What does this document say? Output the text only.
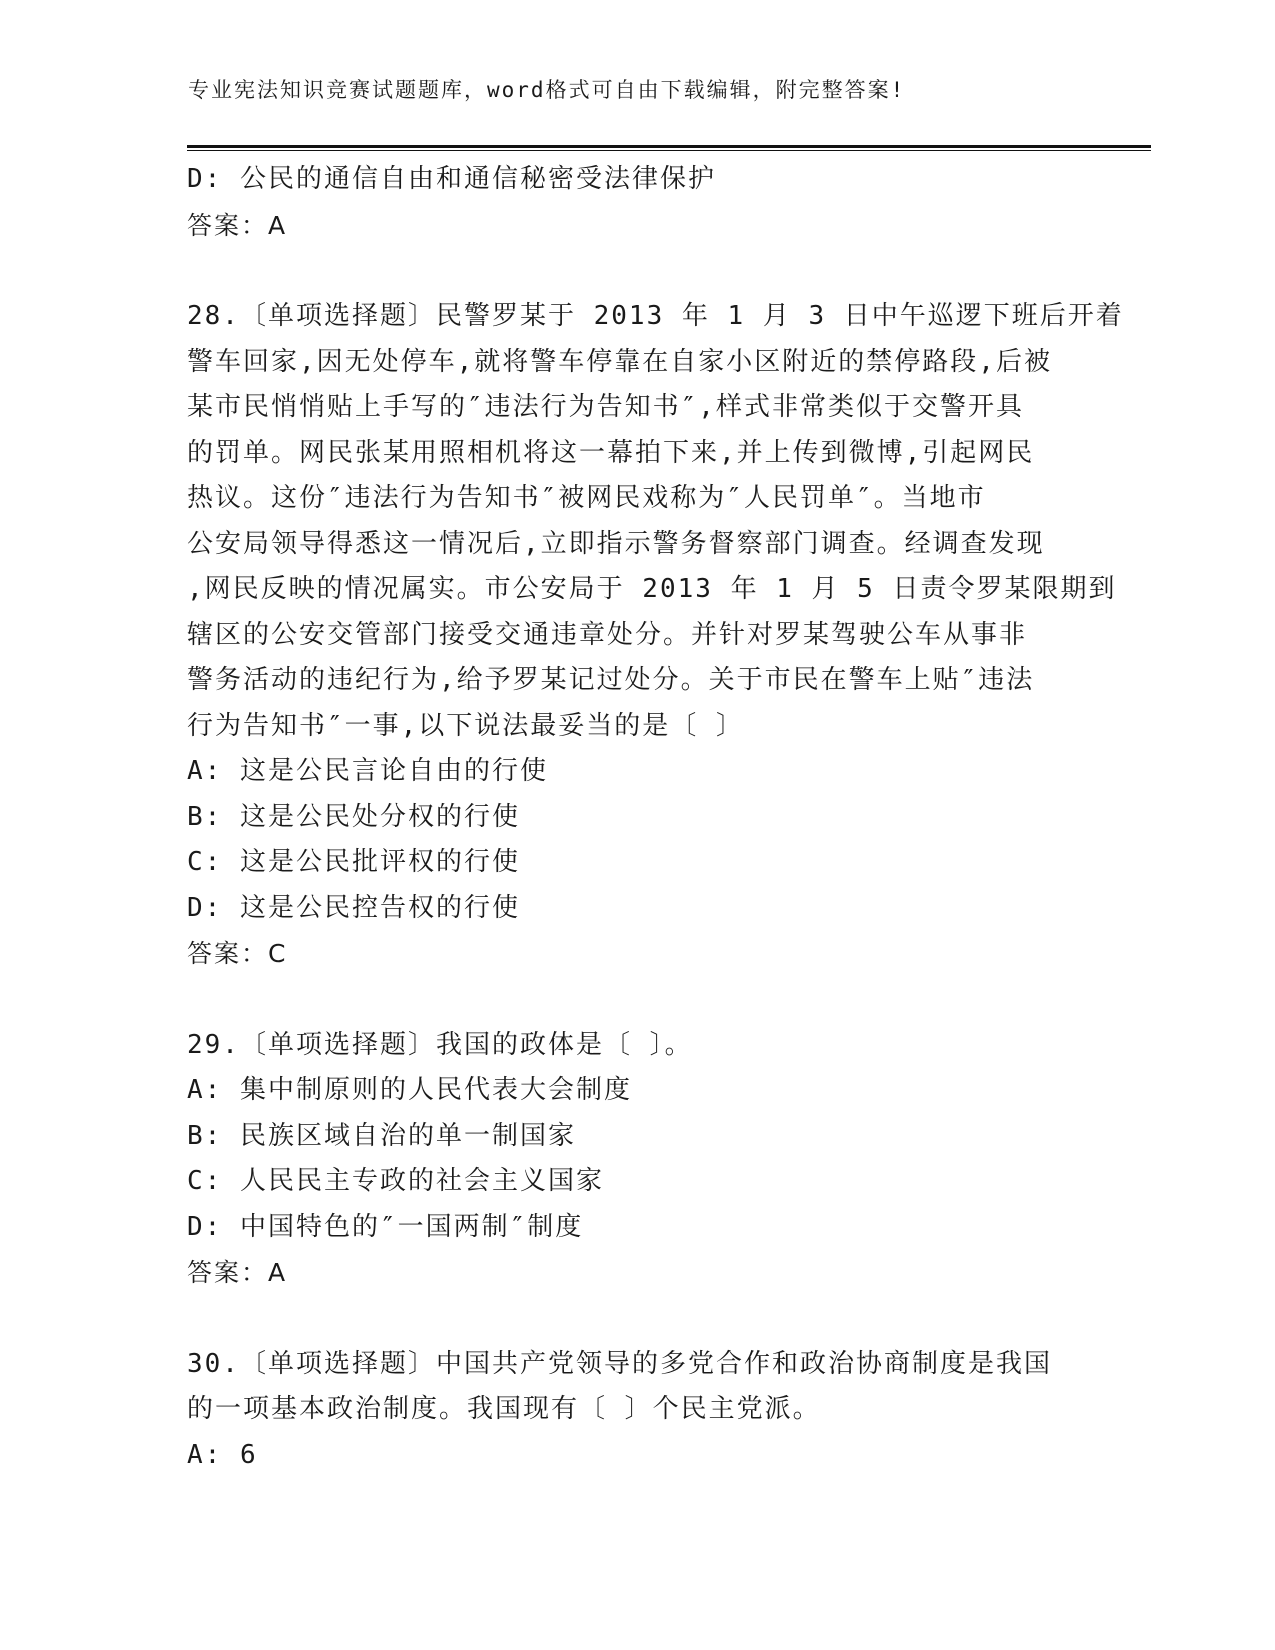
专业宪法知识竞赛试题题库，word格式可自由下载编辑，附完整答案!
D: 公民的通信自由和通信秘密受法律保护
答案：A
28.〔单项选择题〕民警罗某于 2013 年 1 月 3 日中午巡逻下班后开着
警车回家,因无处停车,就将警车停靠在自家小区附近的禁停路段,后被
某市民悄悄贴上手写的″违法行为告知书″,样式非常类似于交警开具
的罚单。网民张某用照相机将这一幕拍下来,并上传到微博,引起网民
热议。这份″违法行为告知书″被网民戏称为″人民罚单″。当地市
公安局领导得悉这一情况后,立即指示警务督察部门调查。经调查发现
,网民反映的情况属实。市公安局于 2013 年 1 月 5 日责令罗某限期到
辖区的公安交管部门接受交通违章处分。并针对罗某驾驶公车从事非
警务活动的违纪行为,给予罗某记过处分。关于市民在警车上贴″违法
行为告知书″一事,以下说法最妥当的是〔 〕
A: 这是公民言论自由的行使
B: 这是公民处分权的行使
C: 这是公民批评权的行使
D: 这是公民控告权的行使
答案：C
29.〔单项选择题〕我国的政体是〔 〕。
A: 集中制原则的人民代表大会制度
B: 民族区域自治的单一制国家
C: 人民民主专政的社会主义国家
D: 中国特色的″一国两制″制度
答案：A
30.〔单项选择题〕中国共产党领导的多党合作和政治协商制度是我国
的一项基本政治制度。我国现有〔 〕个民主党派。
A: 6
